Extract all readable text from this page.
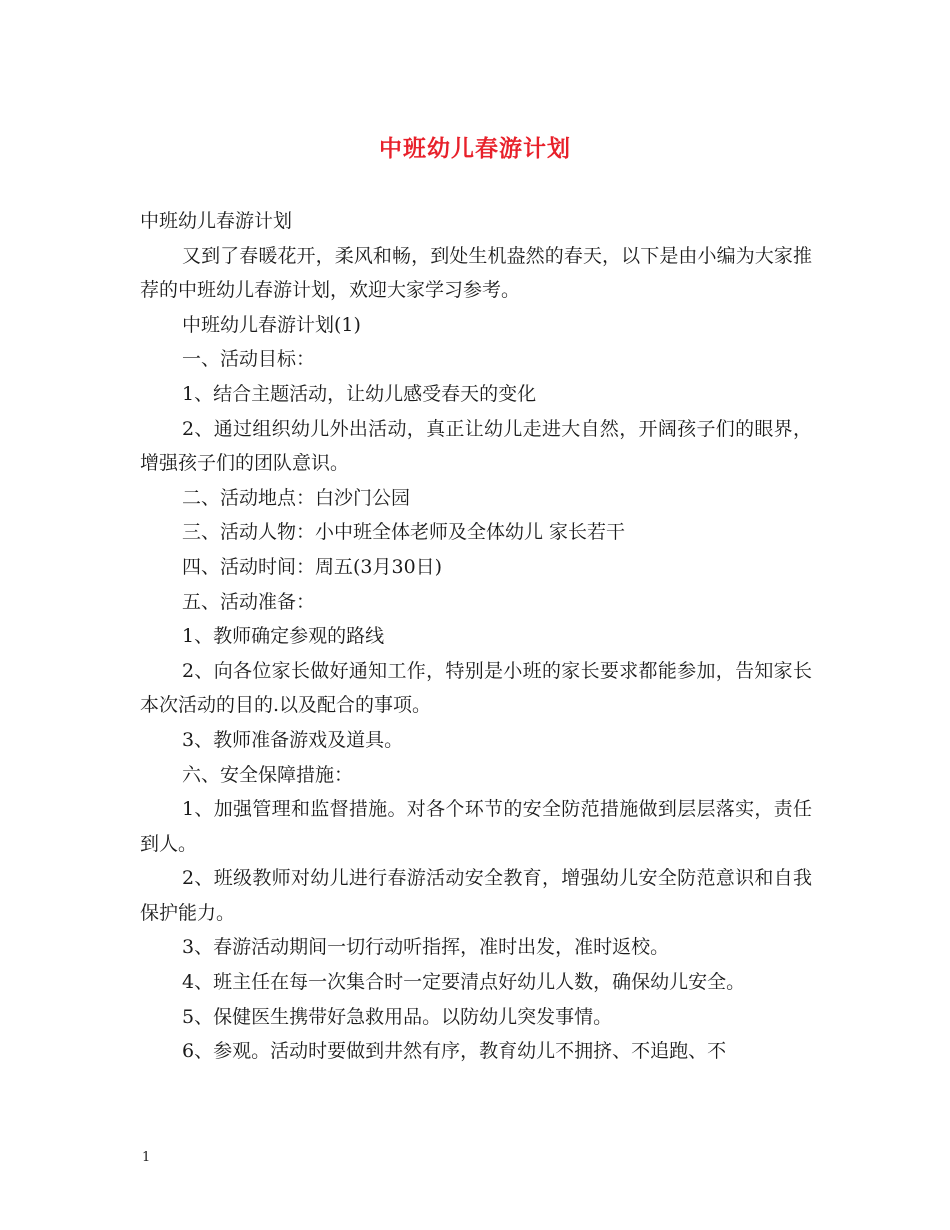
中班幼儿春游计划

中班幼儿春游计划

又到了春暖花开，柔风和畅，到处生机盎然的春天，以下是由小编为大家推荐的中班幼儿春游计划，欢迎大家学习参考。

中班幼儿春游计划(1)

一、活动目标：

1、结合主题活动，让幼儿感受春天的变化

2、通过组织幼儿外出活动，真正让幼儿走进大自然，开阔孩子们的眼界，增强孩子们的团队意识。

二、活动地点：白沙门公园

三、活动人物：小中班全体老师及全体幼儿 家长若干

四、活动时间：周五(3月30日)

五、活动准备：

1、教师确定参观的路线

2、向各位家长做好通知工作，特别是小班的家长要求都能参加，告知家长本次活动的目的.以及配合的事项。

3、教师准备游戏及道具。

六、安全保障措施：

1、加强管理和监督措施。对各个环节的安全防范措施做到层层落实，责任到人。

2、班级教师对幼儿进行春游活动安全教育，增强幼儿安全防范意识和自我保护能力。

3、春游活动期间一切行动听指挥，准时出发，准时返校。

4、班主任在每一次集合时一定要清点好幼儿人数，确保幼儿安全。

5、保健医生携带好急救用品。以防幼儿突发事情。

6、参观。活动时要做到井然有序，教育幼儿不拥挤、不追跑、不

1
